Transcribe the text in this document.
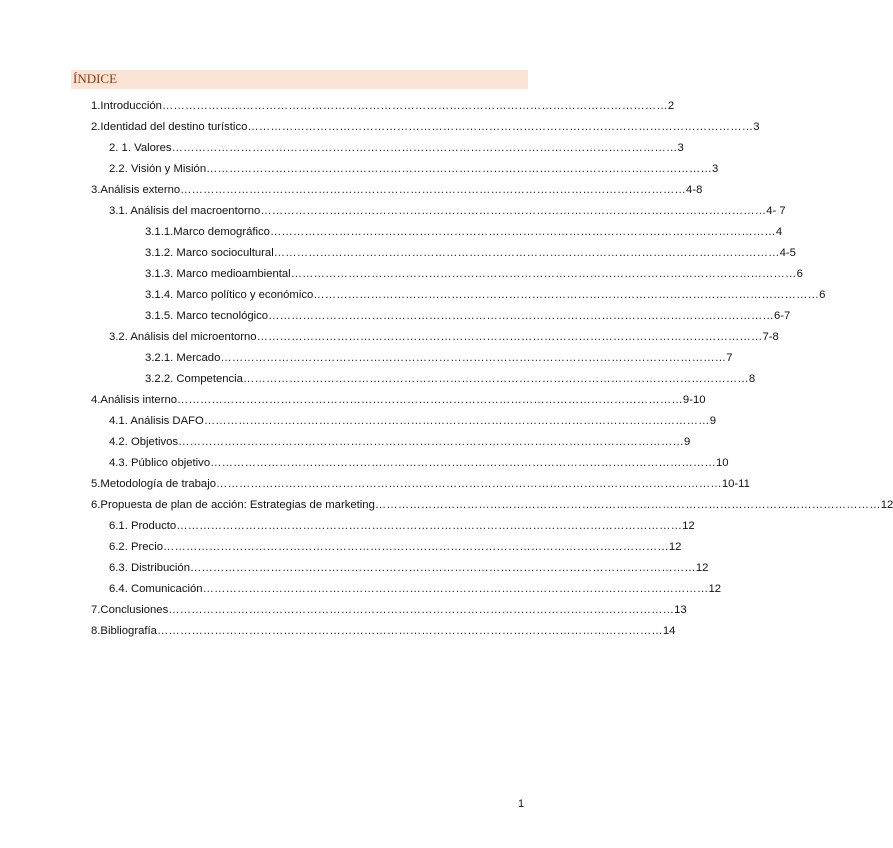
ÍNDICE
1. Introducción …………………………………………………………………………………………………………………… 2
2. Identidad del destino turístico …………………………………………………………………………………………………………………… 3
2. 1. Valores …………………………………………………………………………………………………………………… 3
2.2. Visión y Misión …………………………………………………………………………………………………………………… 3
3. Análisis externo …………………………………………………………………………………………………………………… 4-8
3.1. Análisis del macroentorno …………………………………………………………………………………………………………………… 4- 7
3.1.1.Marco demográfico …………………………………………………………………………………………………………………… 4
3.1.2. Marco sociocultural …………………………………………………………………………………………………………………… 4-5
3.1.3. Marco medioambiental …………………………………………………………………………………………………………………… 6
3.1.4. Marco político y económico …………………………………………………………………………………………………………………… 6
3.1.5. Marco tecnológico …………………………………………………………………………………………………………………… 6-7
3.2. Análisis del microentorno …………………………………………………………………………………………………………………… 7-8
3.2.1. Mercado …………………………………………………………………………………………………………………… 7
3.2.2. Competencia …………………………………………………………………………………………………………………… 8
4. Análisis interno …………………………………………………………………………………………………………………… 9-10
4.1. Análisis DAFO …………………………………………………………………………………………………………………… 9
4.2. Objetivos …………………………………………………………………………………………………………………… 9
4.3. Público objetivo …………………………………………………………………………………………………………………… 10
5. Metodología de trabajo …………………………………………………………………………………………………………………… 10-11
6. Propuesta de plan de acción: Estrategias de marketing …………………………………………………………………………………………………………………… 12
6.1. Producto …………………………………………………………………………………………………………………… 12
6.2. Precio …………………………………………………………………………………………………………………… 12
6.3. Distribución …………………………………………………………………………………………………………………… 12
6.4. Comunicación …………………………………………………………………………………………………………………… 12
7. Conclusiones …………………………………………………………………………………………………………………… 13
8. Bibliografía …………………………………………………………………………………………………………………… 14
1
